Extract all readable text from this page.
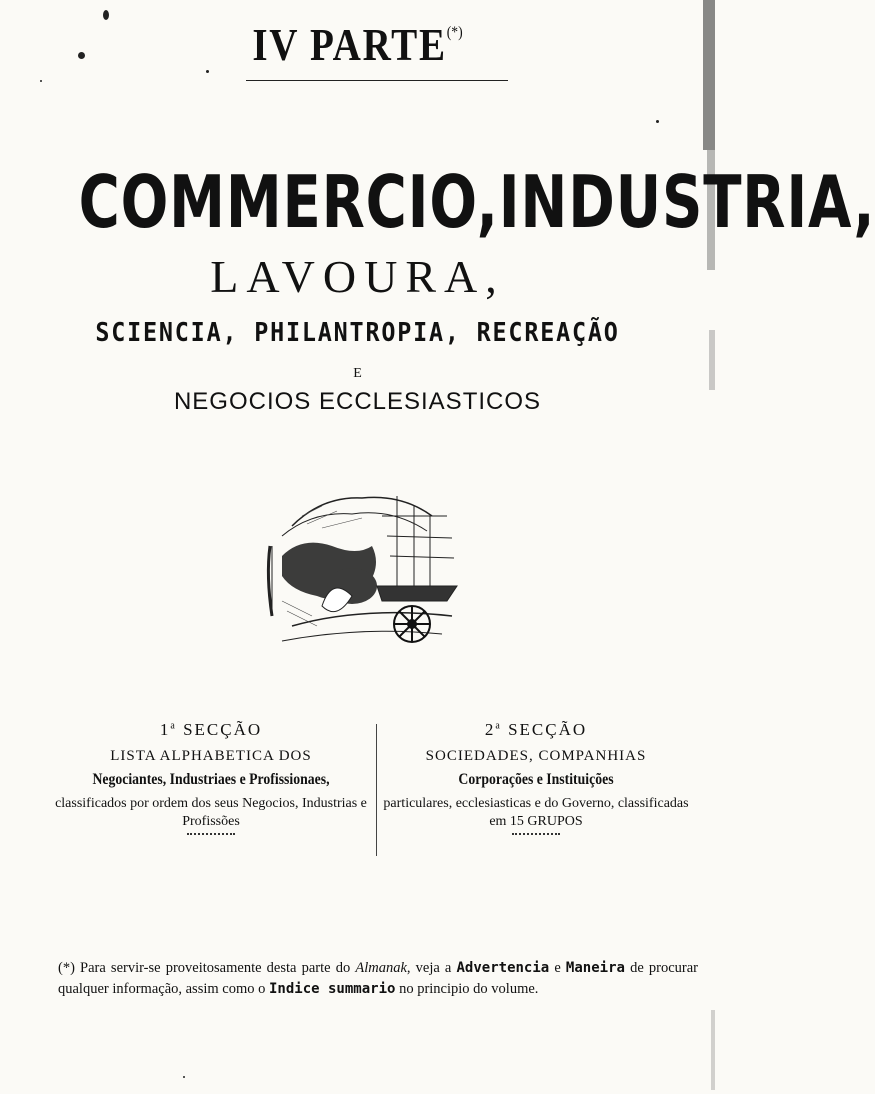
IV PARTE(*)
COMMERCIO,INDUSTRIA,
LAVOURA,
SCIENCIA, PHILANTROPIA, RECREAÇÃO
E
NEGOCIOS ECCLESIASTICOS
1$^a$ SECÇÃO
LISTA ALPHABETICA DOS
Negociantes, Industriaes e Profissionaes,
classificados por ordem dos seus Negocios, Industrias e Profissões
2$^a$ SECÇÃO
SOCIEDADES, COMPANHIAS
Corporações e Instituições
particulares, ecclesiasticas e do Governo, classificadas em 15 GRUPOS
(*) Para servir-se proveitosamente desta parte do Almanak, veja a Advertencia e Maneira de procurar qualquer informação, assim como o Indice summario no principio do volume.
